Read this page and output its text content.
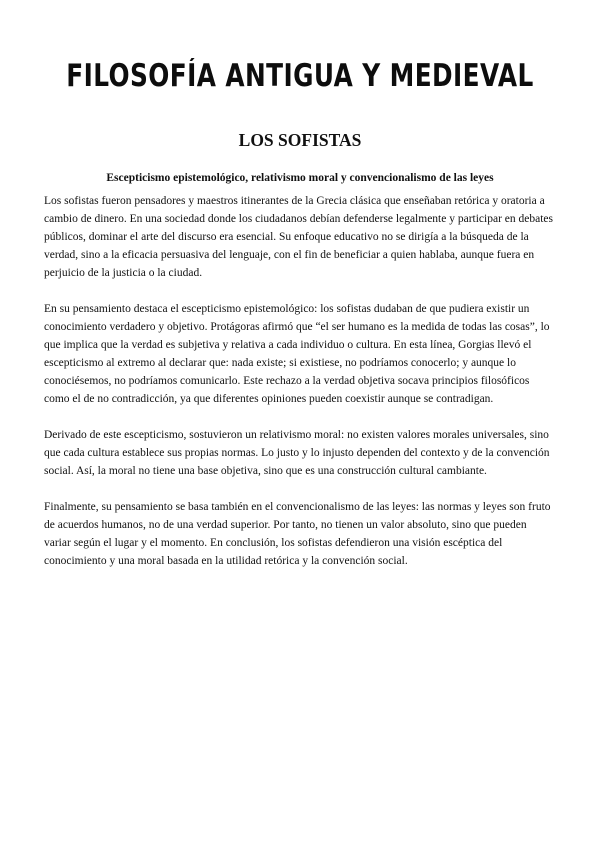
FILOSOFÍA ANTIGUA Y MEDIEVAL
LOS SOFISTAS
Escepticismo epistemológico, relativismo moral y convencionalismo de las leyes

Los sofistas fueron pensadores y maestros itinerantes de la Grecia clásica que enseñaban retórica y oratoria a cambio de dinero. En una sociedad donde los ciudadanos debían defenderse legalmente y participar en debates públicos, dominar el arte del discurso era esencial. Su enfoque educativo no se dirigía a la búsqueda de la verdad, sino a la eficacia persuasiva del lenguaje, con el fin de beneficiar a quien hablaba, aunque fuera en perjuicio de la justicia o la ciudad.

En su pensamiento destaca el escepticismo epistemológico: los sofistas dudaban de que pudiera existir un conocimiento verdadero y objetivo. Protágoras afirmó que “el ser humano es la medida de todas las cosas”, lo que implica que la verdad es subjetiva y relativa a cada individuo o cultura. En esta línea, Gorgias llevó el escepticismo al extremo al declarar que: nada existe; si existiese, no podríamos conocerlo; y aunque lo conociésemos, no podríamos comunicarlo. Este rechazo a la verdad objetiva socava principios filosóficos como el de no contradicción, ya que diferentes opiniones pueden coexistir aunque se contradigan.

Derivado de este escepticismo, sostuvieron un relativismo moral: no existen valores morales universales, sino que cada cultura establece sus propias normas. Lo justo y lo injusto dependen del contexto y de la convención social. Así, la moral no tiene una base objetiva, sino que es una construcción cultural cambiante.

Finalmente, su pensamiento se basa también en el convencionalismo de las leyes: las normas y leyes son fruto de acuerdos humanos, no de una verdad superior. Por tanto, no tienen un valor absoluto, sino que pueden variar según el lugar y el momento. En conclusión, los sofistas defendieron una visión escéptica del conocimiento y una moral basada en la utilidad retórica y la convención social.
